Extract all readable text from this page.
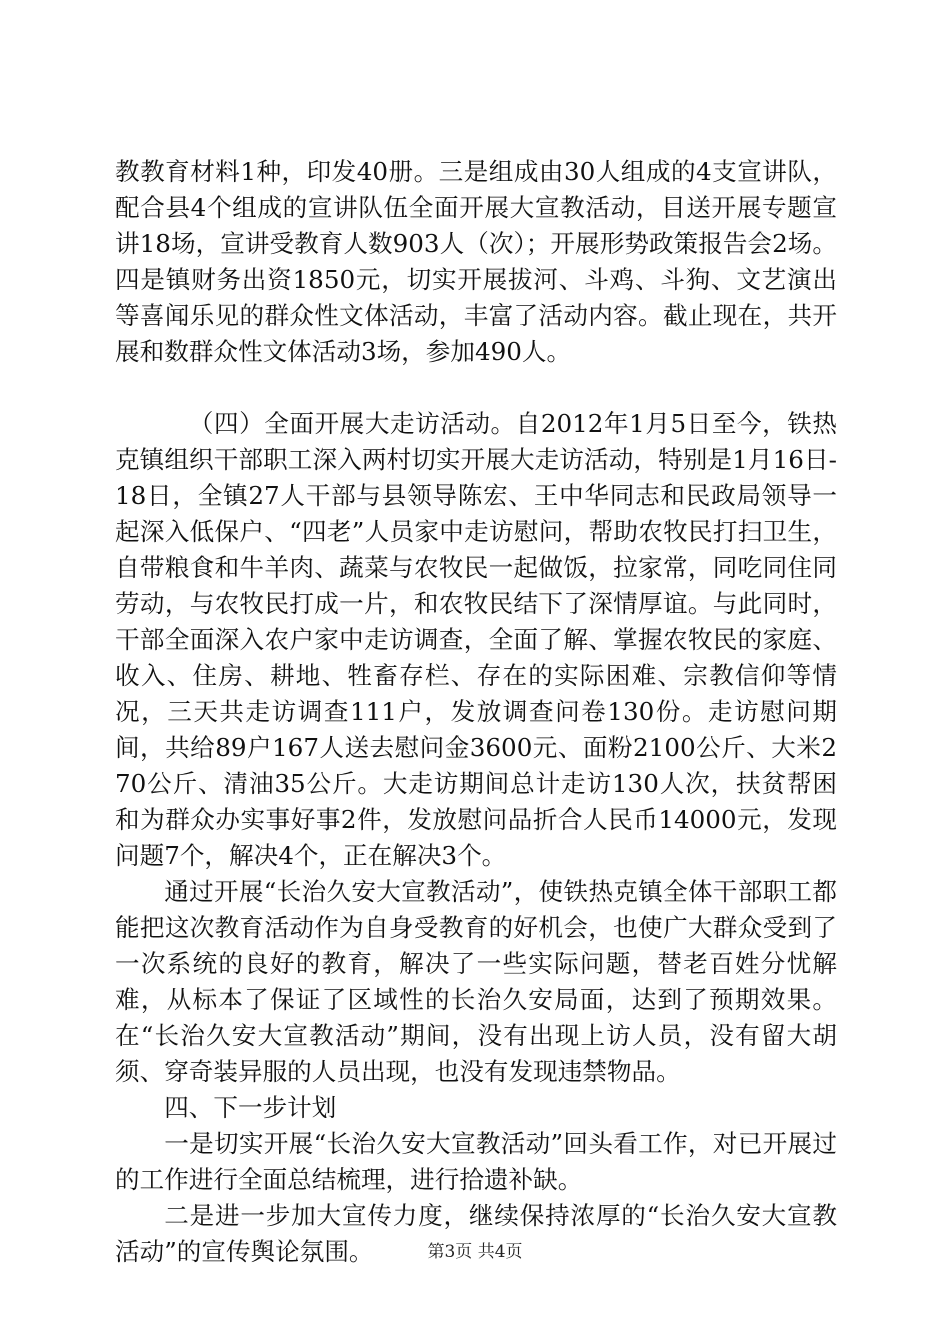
教教育材料1种，印发40册。三是组成由30人组成的4支宣讲队，配合县4个组成的宣讲队伍全面开展大宣教活动，目送开展专题宣讲18场，宣讲受教育人数903人（次）；开展形势政策报告会2场。四是镇财务出资1850元，切实开展拔河、斗鸡、斗狗、文艺演出等喜闻乐见的群众性文体活动，丰富了活动内容。截止现在，共开展和数群众性文体活动3场，参加490人。

（四）全面开展大走访活动。自2012年1月5日至今，铁热克镇组织干部职工深入两村切实开展大走访活动，特别是1月16日-18日，全镇27人干部与县领导陈宏、王中华同志和民政局领导一起深入低保户、“四老”人员家中走访慰问，帮助农牧民打扫卫生，自带粮食和牛羊肉、蔬菜与农牧民一起做饭，拉家常，同吃同住同劳动，与农牧民打成一片，和农牧民结下了深情厚谊。与此同时，干部全面深入农户家中走访调查，全面了解、掌握农牧民的家庭、收入、住房、耕地、牲畜存栏、存在的实际困难、宗教信仰等情况，三天共走访调查111户，发放调查问卷130份。走访慰问期间，共给89户167人送去慰问金3600元、面粉2100公斤、大米270公斤、清油35公斤。大走访期间总计走访130人次，扶贫帮困和为群众办实事好事2件，发放慰问品折合人民币14000元，发现问题7个，解决4个，正在解决3个。

通过开展“长治久安大宣教活动”，使铁热克镇全体干部职工都能把这次教育活动作为自身受教育的好机会，也使广大群众受到了一次系统的良好的教育，解决了一些实际问题，替老百姓分忧解难，从标本了保证了区域性的长治久安局面，达到了预期效果。在“长治久安大宣教活动”期间，没有出现上访人员，没有留大胡须、穿奇装异服的人员出现，也没有发现违禁物品。

四、下一步计划

一是切实开展“长治久安大宣教活动”回头看工作，对已开展过的工作进行全面总结梳理，进行拾遗补缺。

二是进一步加大宣传力度，继续保持浓厚的“长治久安大宣教活动”的宣传舆论氛围。	第3页 共4页
